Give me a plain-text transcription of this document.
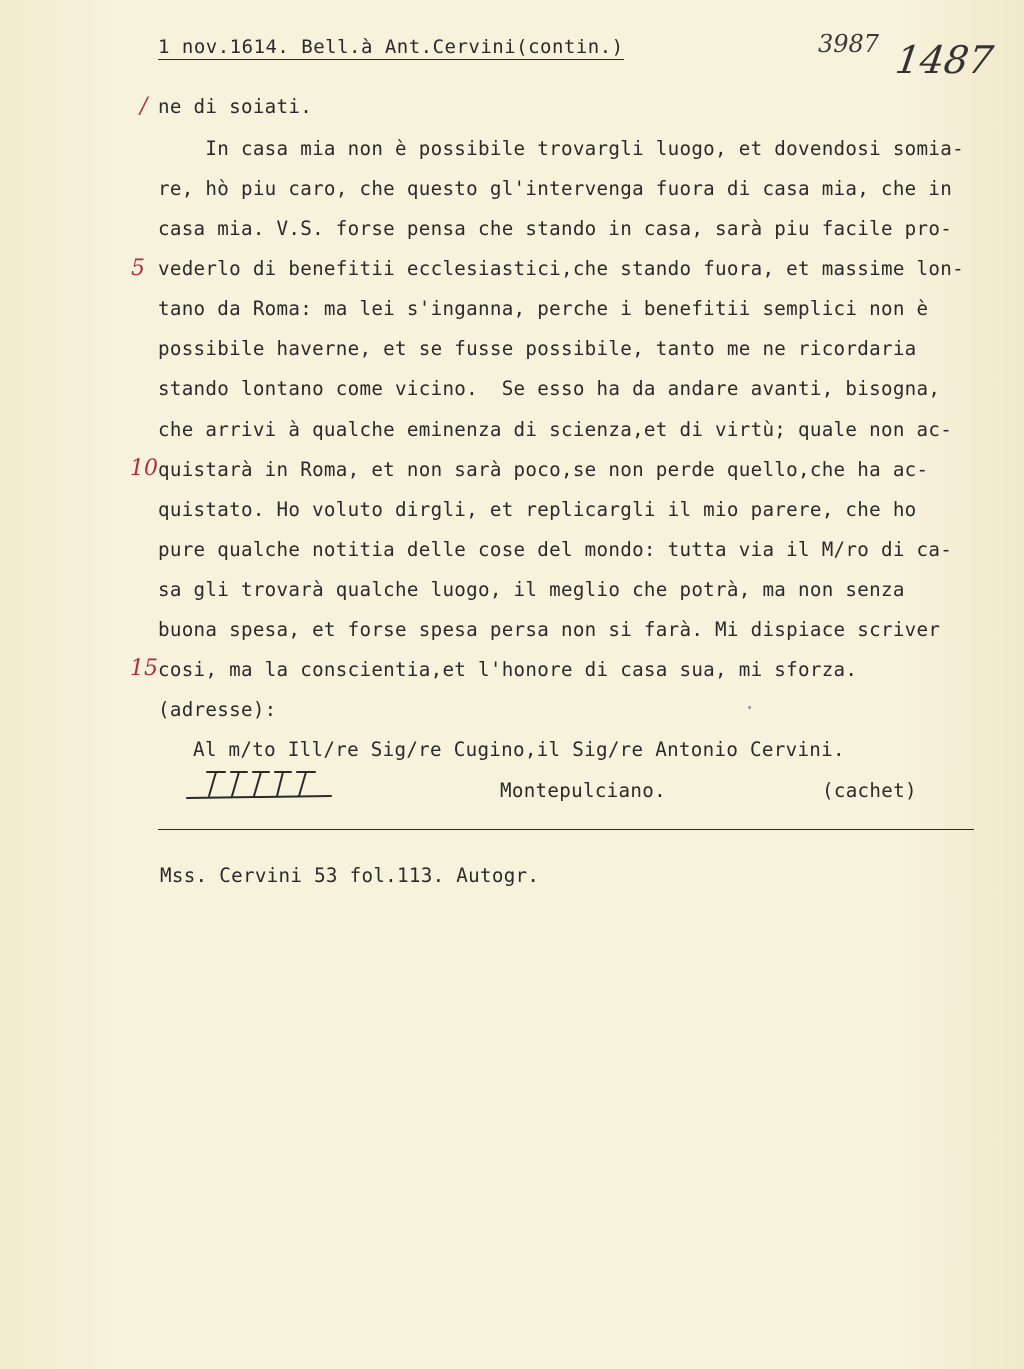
1 nov.1614. Bell.à Ant.Cervini(contin.)	3987 1487
/
5
10
15
ne di soiati.
In casa mia non è possibile trovargli luogo, et dovendosi somia-
re, hò piu caro, che questo gl'intervenga fuora di casa mia, che in
casa mia. V.S. forse pensa che stando in casa, sarà piu facile pro-
vederlo di benefitii ecclesiastici,che stando fuora, et massime lon-
tano da Roma: ma lei s'inganna, perche i benefitii semplici non è
possibile haverne, et se fusse possibile, tanto me ne ricordaria
stando lontano come vicino.  Se esso ha da andare avanti, bisogna,
che arrivi à qualche eminenza di scienza,et di virtù; quale non ac-
quistarà in Roma, et non sarà poco,se non perde quello,che ha ac-
quistato. Ho voluto dirgli, et replicargli il mio parere, che ho
pure qualche notitia delle cose del mondo: tutta via il M/ro di ca-
sa gli trovarà qualche luogo, il meglio che potrà, ma non senza
buona spesa, et forse spesa persa non si farà. Mi dispiace scriver
cosi, ma la conscientia,et l'honore di casa sua, mi sforza.
(adresse):
Al m/to Ill/re Sig/re Cugino,il Sig/re Antonio Cervini.
Montepulciano.	(cachet)
Mss. Cervini 53 fol.113. Autogr.
